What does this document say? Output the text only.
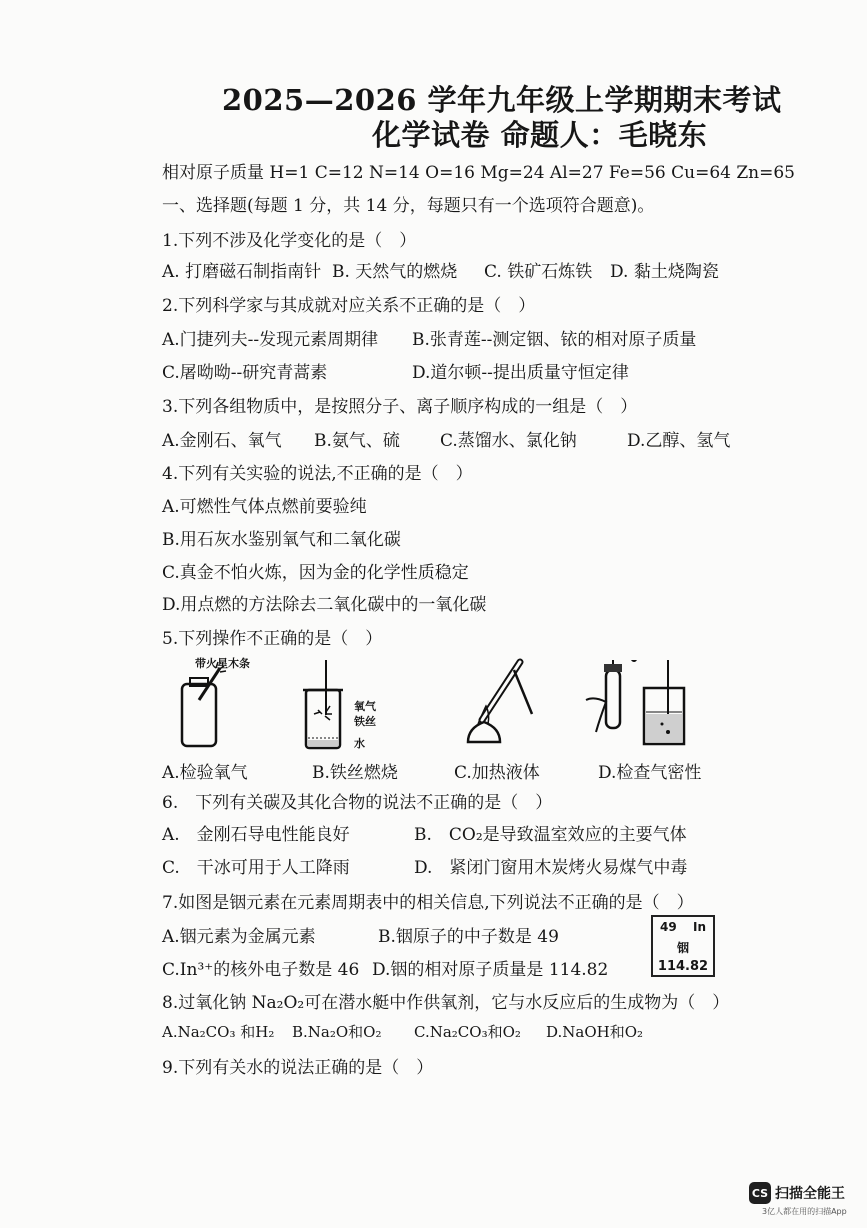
2025—2026 学年九年级上学期期末考试
化学试卷 命题人：毛晓东
相对原子质量 H=1 C=12 N=14 O=16 Mg=24 Al=27 Fe=56 Cu=64 Zn=65
一、选择题(每题 1 分，共 14 分，每题只有一个选项符合题意)。
1.下列不涉及化学变化的是（　）
A. 打磨磁石制指南针 B. 天然气的燃烧 C. 铁矿石炼铁 D. 黏土烧陶瓷
2.下列科学家与其成就对应关系不正确的是（　）
A.门捷列夫--发现元素周期律 B.张青莲--测定铟、铱的相对原子质量
C.屠呦呦--研究青蒿素	D.道尔顿--提出质量守恒定律
3.下列各组物质中，是按照分子、离子顺序构成的一组是（　）
A.金刚石、氧气 B.氨气、硫 C.蒸馏水、氯化钠	D.乙醇、氢气
4.下列有关实验的说法,不正确的是（　）
A.可燃性气体点燃前要验纯
B.用石灰水鉴别氧气和二氧化碳
C.真金不怕火炼，因为金的化学性质稳定
D.用点燃的方法除去二氧化碳中的一氧化碳
5.下列操作不正确的是（　）
带火星木条
氧气
铁丝
水
A.检验氧气	B.铁丝燃烧	C.加热液体	D.检查气密性
6.　下列有关碳及其化合物的说法不正确的是（　）
A.　金刚石导电性能良好	B.　CO₂是导致温室效应的主要气体
C.　干冰可用于人工降雨	D.　紧闭门窗用木炭烤火易煤气中毒
7.如图是铟元素在元素周期表中的相关信息,下列说法不正确的是（　）
A.铟元素为金属元素	B.铟原子的中子数是 49
C.In³⁺的核外电子数是 46 D.铟的相对原子质量是 114.82
49 In
铟
114.82
8.过氧化钠 Na₂O₂可在潜水艇中作供氧剂，它与水反应后的生成物为（　）
A.Na₂CO₃ 和H₂ B.Na₂O和O₂ C.Na₂CO₃和O₂ D.NaOH和O₂
9.下列有关水的说法正确的是（　）
CS 扫描全能王
3亿人都在用的扫描App
